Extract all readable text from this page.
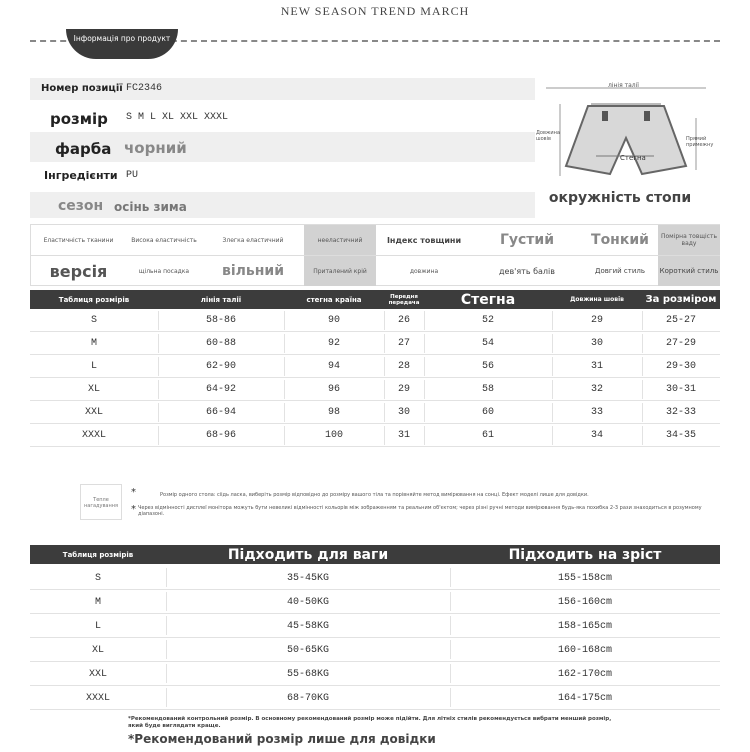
NEW SEASON TREND MARCH
Інформація про продукт
Номер позиції FC2346
розмір S M L XL XXL XXXL
фарба чорний
Інгредієнти PU
сезон осінь зима
лінія талії
Довжина шовів	Прямий примежну
Стегна
окружність стопи
Еластичність тканини	Висока еластичність	Злегка еластичний	нееластичний	Індекс товщини	Густий	Тонкий	Помірна товщість ваду
версія	щільна посадка	вільний	Приталений крій	довжина	дев'ять балів	Довгий стиль	Короткий стиль
Таблиця розмірів	лінія талії	стегна країна	Передня передача	Стегна	Довжина шовів	За розміром
S	58-86	90	26	52	29	25-27
M	60-88	92	27	54	30	27-29
L	62-90	94	28	56	31	29-30
XL	64-92	96	29	58	32	30-31
XXL	66-94	98	30	60	33	32-33
XXXL	68-96	100	31	61	34	34-35
Тепле нагадування
*	Розмір одного стола: сіідь ласка, виберіть розмір відповідно до розміру вашого тіла та порівняйте метод вимірювання на сонці. Ефект моделі лише для довідки.
* Через відмінності дисплеї монітора можуть бути невеликі відмінності кольорів між зображенням та реальним об'єктом; через різні ручні методи вимірювання будь-яка похибка 2-3 рази знаходиться в розумному діапазоні.
Таблиця розмірів	Підходить для ваги	Підходить на зріст
S	35-45KG	155-158cm
M	40-50KG	156-160cm
L	45-58KG	158-165cm
XL	50-65KG	160-168cm
XXL	55-68KG	162-170cm
XXXL	68-70KG	164-175cm
*Рекомендований контрольний розмір. В основному рекомендований розмір може підійти. Для літніх стилів рекомендується вибрати менший розмір, який буде виглядати краще.
*Рекомендований розмір лише для довідки
